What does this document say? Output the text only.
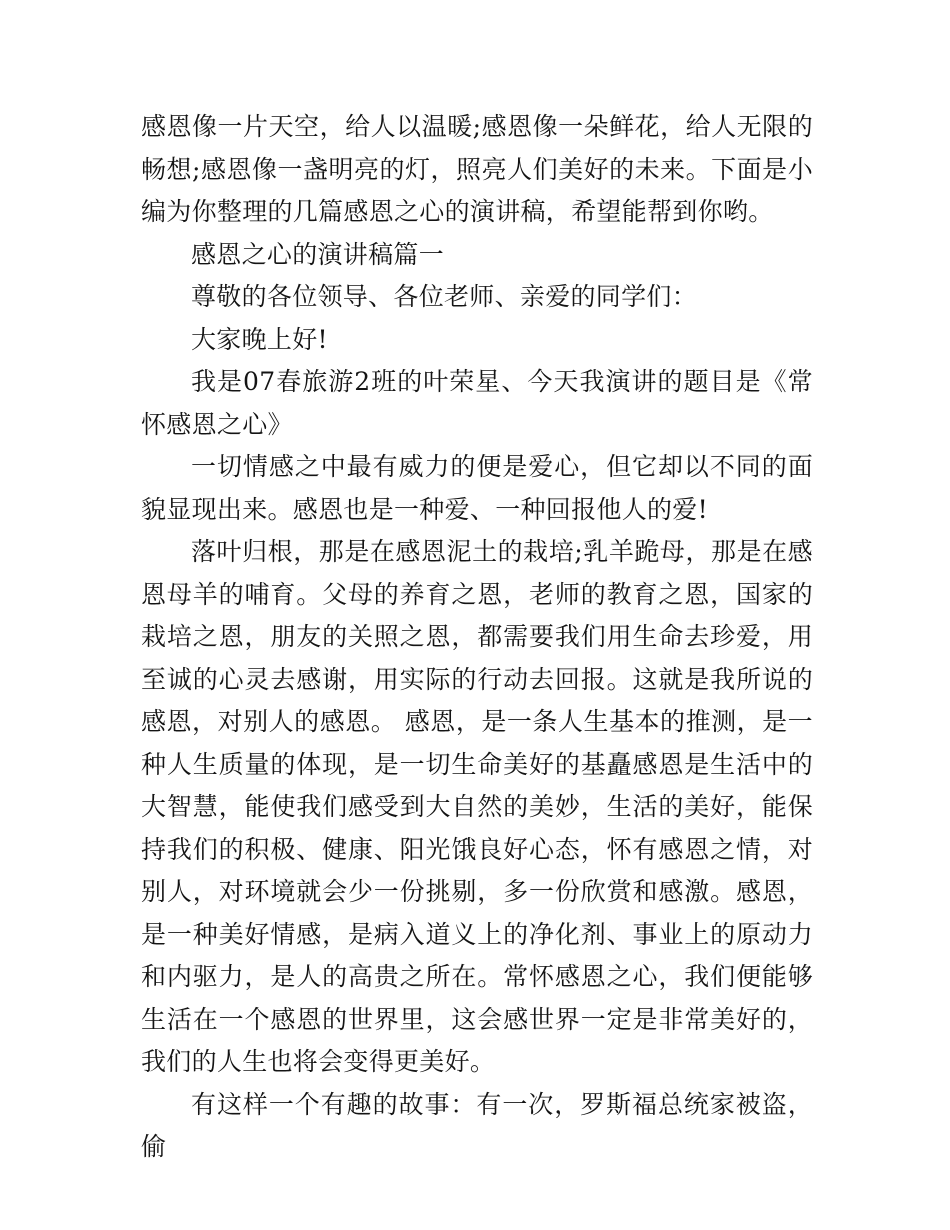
感恩像一片天空，给人以温暖;感恩像一朵鲜花，给人无限的畅想;感恩像一盏明亮的灯，照亮人们美好的未来。下面是小编为你整理的几篇感恩之心的演讲稿，希望能帮到你哟。

感恩之心的演讲稿篇一

尊敬的各位领导、各位老师、亲爱的同学们：

大家晚上好!

我是07春旅游2班的叶荣星、今天我演讲的题目是《常怀感恩之心》

一切情感之中最有威力的便是爱心，但它却以不同的面貌显现出来。感恩也是一种爱、一种回报他人的爱!

落叶归根，那是在感恩泥土的栽培;乳羊跪母，那是在感恩母羊的哺育。父母的养育之恩，老师的教育之恩，国家的栽培之恩，朋友的关照之恩，都需要我们用生命去珍爱，用至诚的心灵去感谢，用实际的行动去回报。这就是我所说的感恩，对别人的感恩。 感恩，是一条人生基本的推测，是一种人生质量的体现，是一切生命美好的基矗感恩是生活中的大智慧，能使我们感受到大自然的美妙，生活的美好，能保持我们的积极、健康、阳光饿良好心态，怀有感恩之情，对别人，对环境就会少一份挑剔，多一份欣赏和感激。感恩，是一种美好情感，是病入道义上的净化剂、事业上的原动力和内驱力，是人的高贵之所在。常怀感恩之心，我们便能够生活在一个感恩的世界里，这会感世界一定是非常美好的，我们的人生也将会变得更美好。

有这样一个有趣的故事：有一次，罗斯福总统家被盗，偷
